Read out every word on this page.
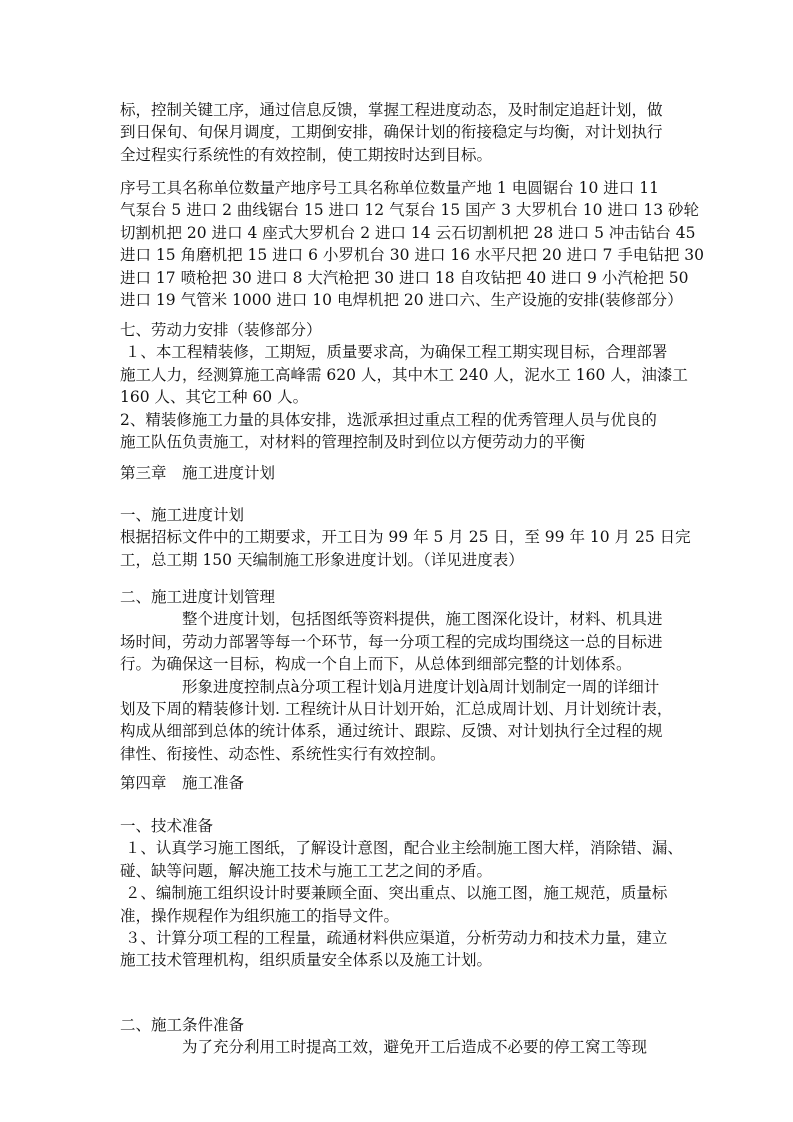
标，控制关键工序，通过信息反馈，掌握工程进度动态，及时制定追赶计划，做
到日保旬、旬保月调度，工期倒安排，确保计划的衔接稳定与均衡，对计划执行
全过程实行系统性的有效控制，使工期按时达到目标。
序号工具名称单位数量产地序号工具名称单位数量产地 1 电圆锯台 10 进口 11
气泵台 5 进口 2 曲线锯台 15 进口 12 气泵台 15 国产 3 大罗机台 10 进口 13 砂轮
切割机把 20 进口 4 座式大罗机台 2 进口 14 云石切割机把 28 进口 5 冲击钻台 45
进口 15 角磨机把 15 进口 6 小罗机台 30 进口 16 水平尺把 20 进口 7 手电钻把 30
进口 17 喷枪把 30 进口 8 大汽枪把 30 进口 18 自攻钻把 40 进口 9 小汽枪把 50
进口 19 气管米 1000 进口 10 电焊机把 20 进口六、生产设施的安排(装修部分）
七、劳动力安排（装修部分）
１、本工程精装修，工期短，质量要求高，为确保工程工期实现目标，合理部署
施工人力，经测算施工高峰需 620 人，其中木工 240 人，泥水工 160 人，油漆工
160 人、其它工种 60 人。
2、精装修施工力量的具体安排，选派承担过重点工程的优秀管理人员与优良的
施工队伍负责施工，对材料的管理控制及时到位以方便劳动力的平衡
第三章　施工进度计划
一、施工进度计划
根据招标文件中的工期要求，开工日为 99 年 5 月 25 日，至 99 年 10 月 25 日完
工，总工期 150 天编制施工形象进度计划。（详见进度表）
二、施工进度计划管理
　　　　整个进度计划，包括图纸等资料提供，施工图深化设计，材料、机具进
场时间，劳动力部署等每一个环节，每一分项工程的完成均围绕这一总的目标进
行。为确保这一目标，构成一个自上而下，从总体到细部完整的计划体系。
　　　　形象进度控制点à分项工程计划à月进度计划à周计划制定一周的详细计
划及下周的精装修计划. 工程统计从日计划开始，汇总成周计划、月计划统计表，
构成从细部到总体的统计体系，通过统计、跟踪、反馈、对计划执行全过程的规
律性、衔接性、动态性、系统性实行有效控制。
第四章　施工准备
一、技术准备
１、认真学习施工图纸，了解设计意图，配合业主绘制施工图大样，消除错、漏、
碰、缺等问题，解决施工技术与施工工艺之间的矛盾。
２、编制施工组织设计时要兼顾全面、突出重点、以施工图，施工规范，质量标
准，操作规程作为组织施工的指导文件。
３、计算分项工程的工程量，疏通材料供应渠道，分析劳动力和技术力量，建立
施工技术管理机构，组织质量安全体系以及施工计划。
二、施工条件准备
　　　　为了充分利用工时提高工效，避免开工后造成不必要的停工窝工等现
